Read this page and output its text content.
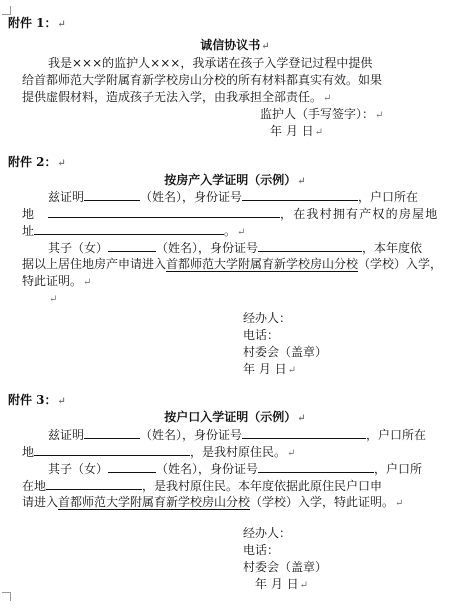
附件 1：↵
诚信协议书↵
我是×××的监护人×××，我承诺在孩子入学登记过程中提供
给首都师范大学附属育新学校房山分校的所有材料都真实有效。如果
提供虚假材料，造成孩子无法入学，由我承担全部责任。↵
监护人（手写签字）：↵
年 月 日↵
附件 2：↵
按房产入学证明（示例）↵
兹证明	（姓名），身份证号	，户口所在
地	，在我村拥有产权的房屋地
址	。↵
其子（女）	（姓名），身份证号	，本年度依
据以上居住地房产申请进入首都师范大学附属育新学校房山分校（学校）入学，
特此证明。↵
↵
经办人：
电话：
村委会（盖章）
年 月 日↵
附件 3：↵
按户口入学证明（示例）↵
兹证明	（姓名），身份证号	，户口所在
地	，是我村原住民。↵
其子（女）	（姓名），身份证号	，户口所
在地	，是我村原住民。本年度依据此原住民户口申
请进入首都师范大学附属育新学校房山分校（学校）入学，特此证明。↵
经办人：
电话：
村委会（盖章）
年 月 日↵
